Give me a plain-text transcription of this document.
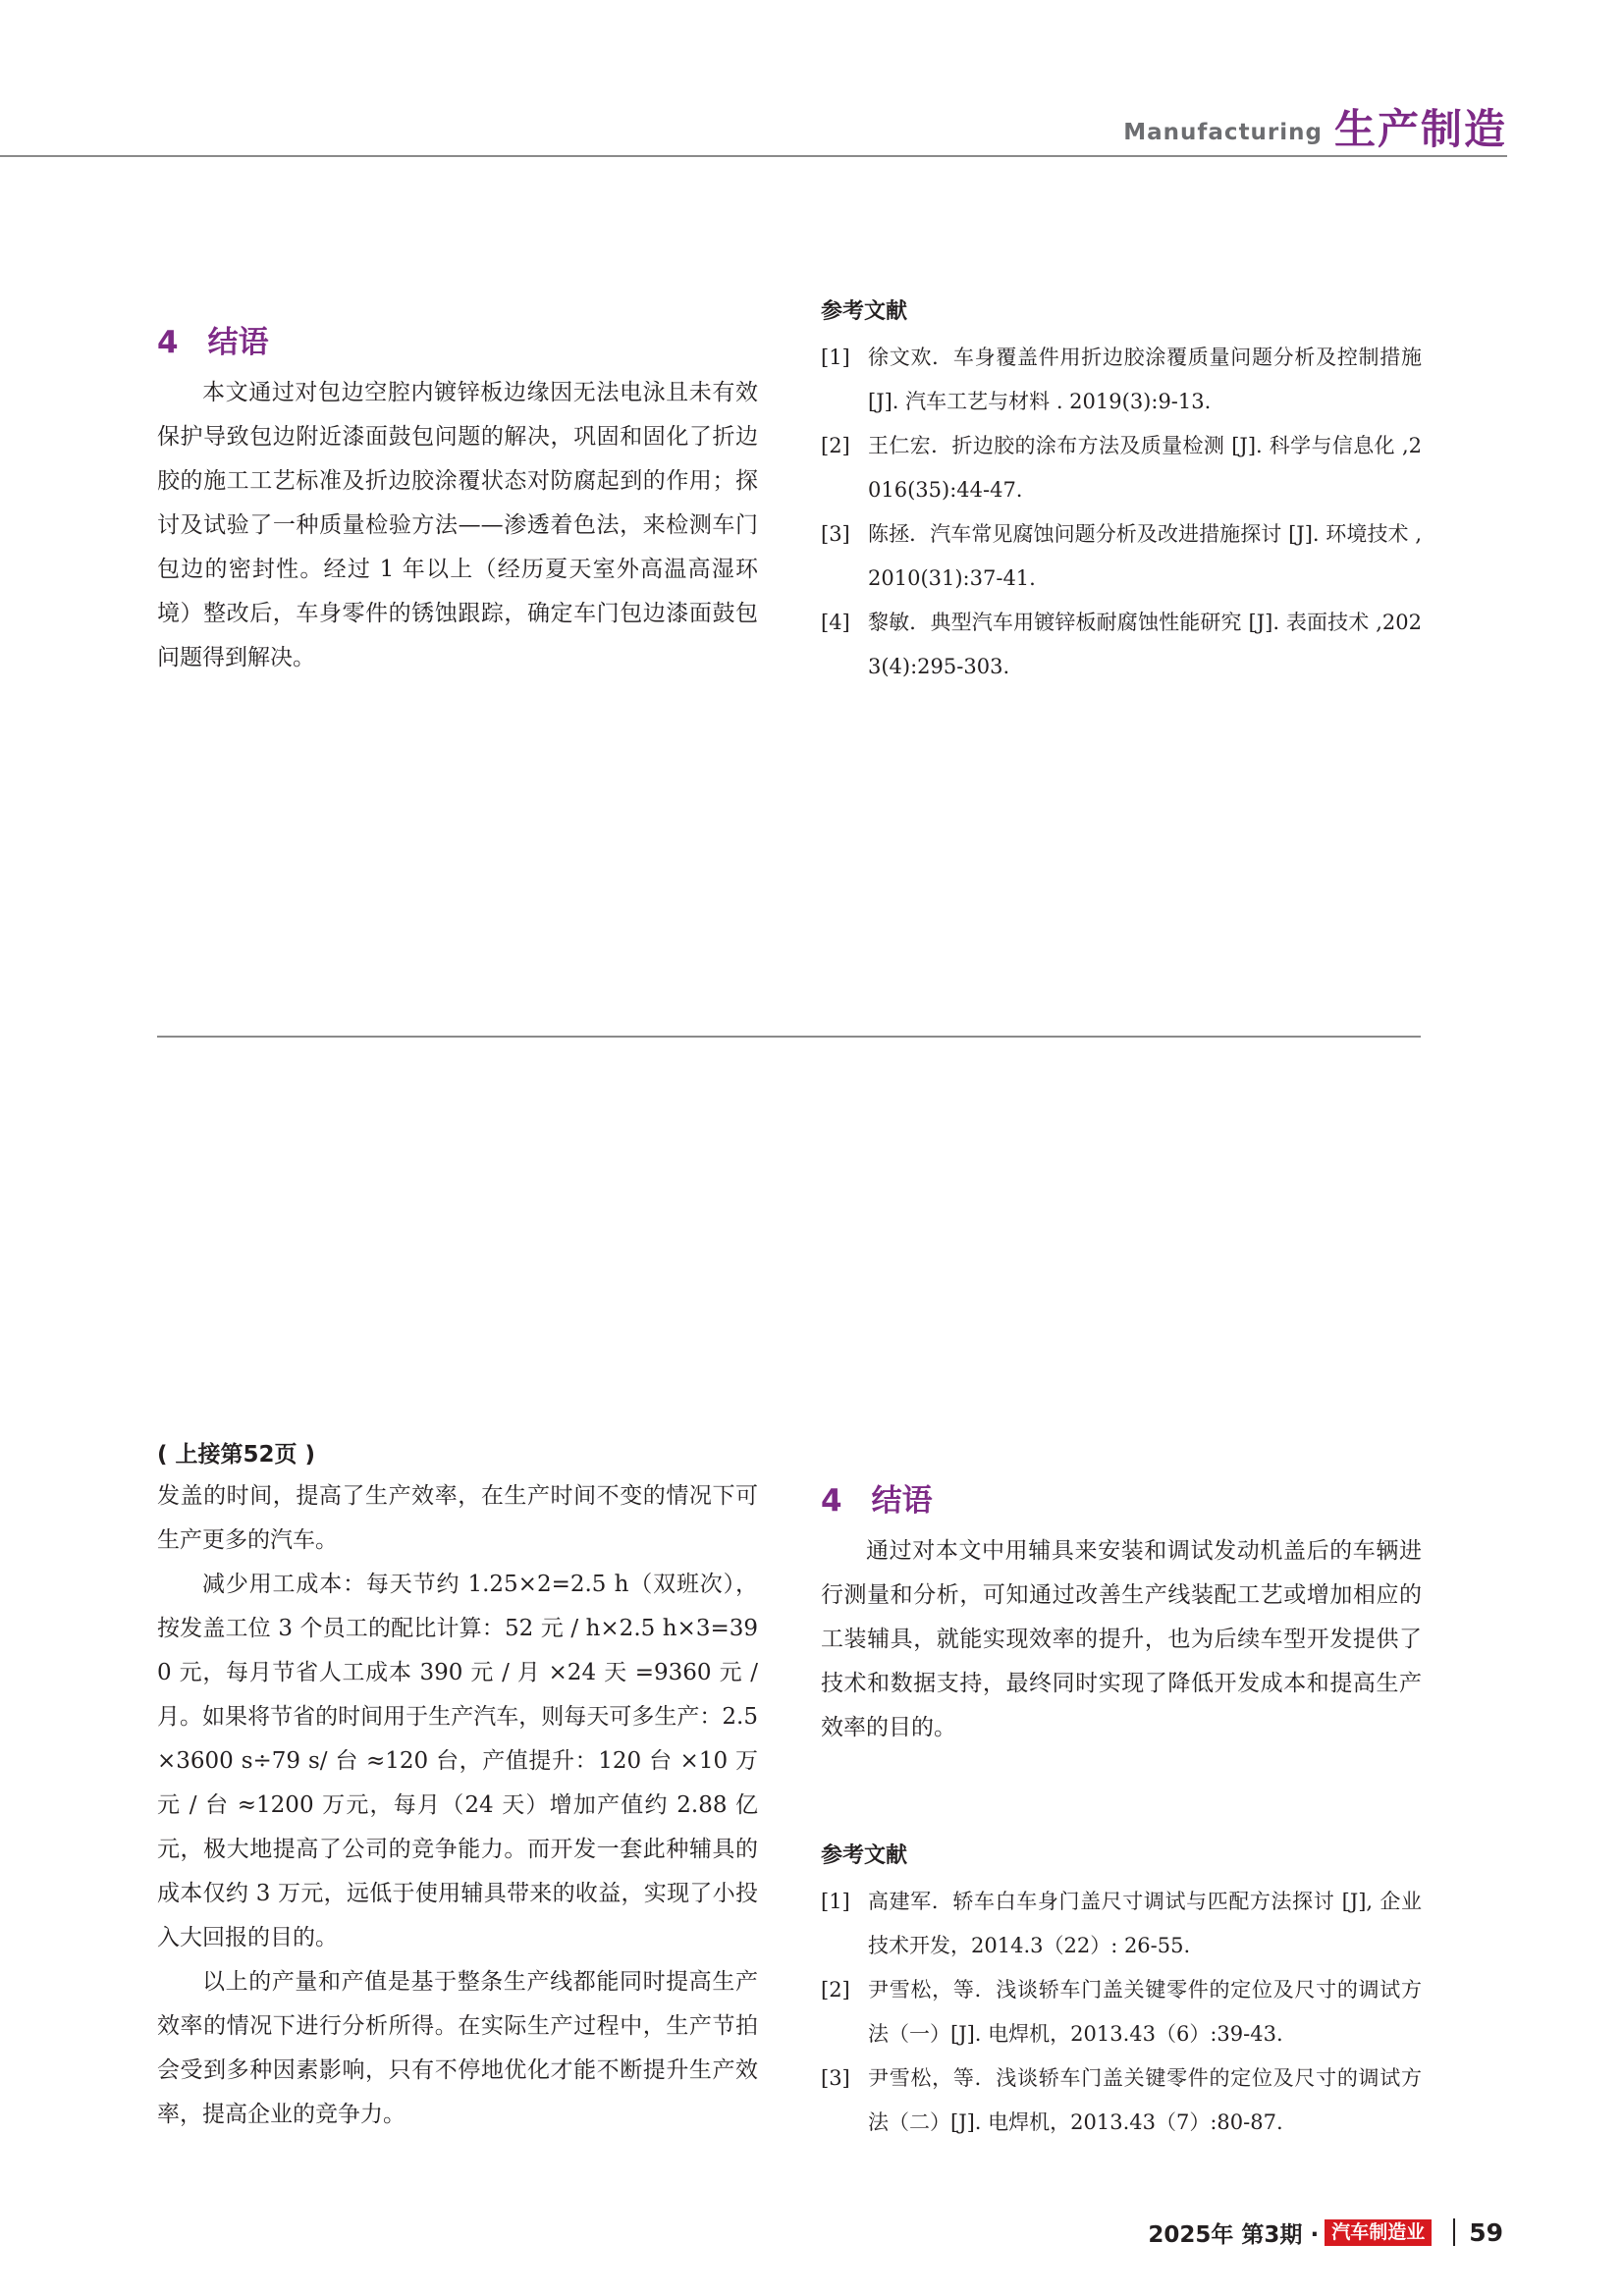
Manufacturing 生产制造

4 结语

本文通过对包边空腔内镀锌板边缘因无法电泳且未有效保护导致包边附近漆面鼓包问题的解决，巩固和固化了折边胶的施工工艺标准及折边胶涂覆状态对防腐起到的作用；探讨及试验了一种质量检验方法——渗透着色法，来检测车门包边的密封性。经过 1 年以上（经历夏天室外高温高湿环境）整改后，车身零件的锈蚀跟踪，确定车门包边漆面鼓包问题得到解决。

参考文献
[1] 徐文欢．车身覆盖件用折边胶涂覆质量问题分析及控制措施 [J]. 汽车工艺与材料 . 2019(3):9-13.
[2] 王仁宏．折边胶的涂布方法及质量检测 [J]. 科学与信息化 ,2016(35):44-47.
[3] 陈拯．汽车常见腐蚀问题分析及改进措施探讨 [J]. 环境技术 ,2010(31):37-41.
[4] 黎敏．典型汽车用镀锌板耐腐蚀性能研究 [J]. 表面技术 ,2023(4):295-303.

( 上接第52页 )

发盖的时间，提高了生产效率，在生产时间不变的情况下可生产更多的汽车。

减少用工成本：每天节约 1.25×2=2.5 h（双班次），按发盖工位 3 个员工的配比计算：52 元 / h×2.5 h×3=390 元，每月节省人工成本 390 元 / 月 ×24 天 =9360 元 / 月。如果将节省的时间用于生产汽车，则每天可多生产：2.5×3600 s÷79 s/ 台 ≈120 台，产值提升：120 台 ×10 万元 / 台 ≈1200 万元，每月（24 天）增加产值约 2.88 亿元，极大地提高了公司的竞争能力。而开发一套此种辅具的成本仅约 3 万元，远低于使用辅具带来的收益，实现了小投入大回报的目的。

以上的产量和产值是基于整条生产线都能同时提高生产效率的情况下进行分析所得。在实际生产过程中，生产节拍会受到多种因素影响，只有不停地优化才能不断提升生产效率，提高企业的竞争力。

4 结语

通过对本文中用辅具来安装和调试发动机盖后的车辆进行测量和分析，可知通过改善生产线装配工艺或增加相应的工装辅具，就能实现效率的提升，也为后续车型开发提供了技术和数据支持，最终同时实现了降低开发成本和提高生产效率的目的。

参考文献
[1] 高建军．轿车白车身门盖尺寸调试与匹配方法探讨 [J], 企业技术开发，2014.3（22）: 26-55.
[2] 尹雪松，等．浅谈轿车门盖关键零件的定位及尺寸的调试方法（一）[J]. 电焊机，2013.43（6）:39-43.
[3] 尹雪松，等．浅谈轿车门盖关键零件的定位及尺寸的调试方法（二）[J]. 电焊机，2013.43（7）:80-87.
2025年 第3期 · 汽车制造业 59
